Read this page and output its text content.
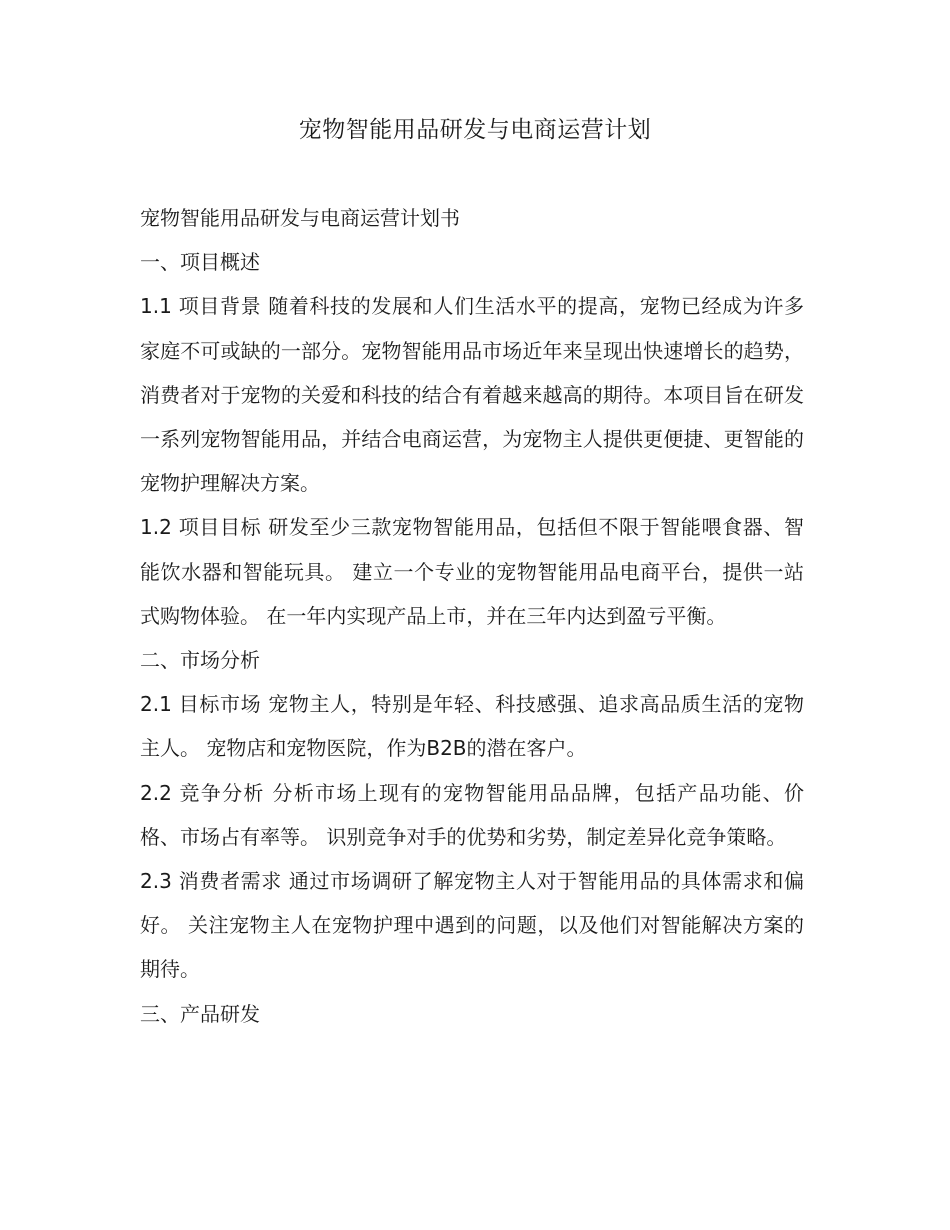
宠物智能用品研发与电商运营计划

宠物智能用品研发与电商运营计划书

一、项目概述

1.1 项目背景 随着科技的发展和人们生活水平的提高，宠物已经成为许多家庭不可或缺的一部分。宠物智能用品市场近年来呈现出快速增长的趋势，消费者对于宠物的关爱和科技的结合有着越来越高的期待。本项目旨在研发一系列宠物智能用品，并结合电商运营，为宠物主人提供更便捷、更智能的宠物护理解决方案。

1.2 项目目标 研发至少三款宠物智能用品，包括但不限于智能喂食器、智能饮水器和智能玩具。 建立一个专业的宠物智能用品电商平台，提供一站式购物体验。 在一年内实现产品上市，并在三年内达到盈亏平衡。

二、市场分析

2.1 目标市场 宠物主人，特别是年轻、科技感强、追求高品质生活的宠物主人。 宠物店和宠物医院，作为B2B的潜在客户。

2.2 竞争分析 分析市场上现有的宠物智能用品品牌，包括产品功能、价格、市场占有率等。 识别竞争对手的优势和劣势，制定差异化竞争策略。

2.3 消费者需求 通过市场调研了解宠物主人对于智能用品的具体需求和偏好。 关注宠物主人在宠物护理中遇到的问题，以及他们对智能解决方案的期待。

三、产品研发
